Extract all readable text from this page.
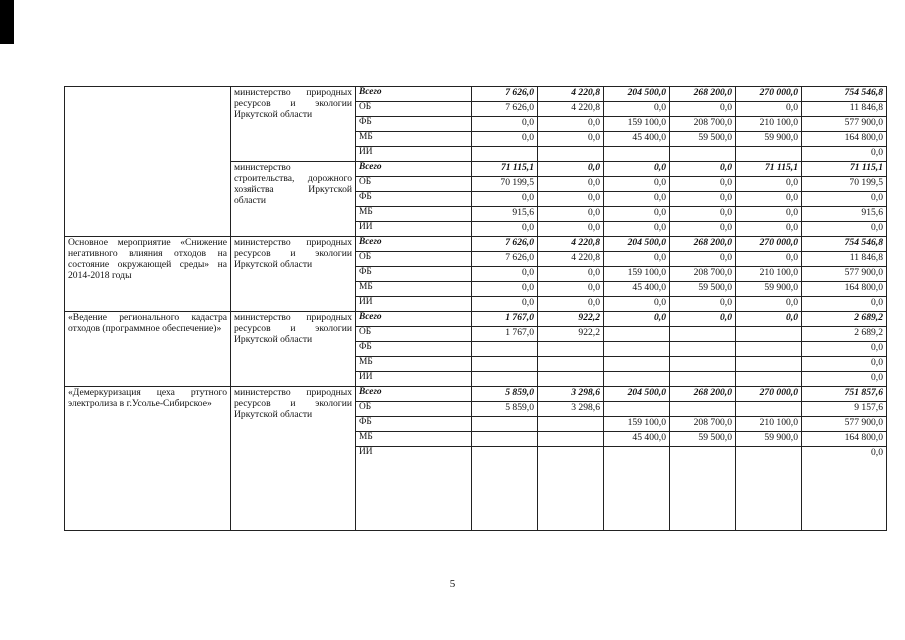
	министерство природных ресурсов и экологии Иркутской области	Всего	7 626,0	4 220,8	204 500,0	268 200,0	270 000,0	754 546,8
		ОБ	7 626,0	4 220,8	0,0	0,0	0,0	11 846,8
		ФБ	0,0	0,0	159 100,0	208 700,0	210 100,0	577 900,0
		МБ	0,0	0,0	45 400,0	59 500,0	59 900,0	164 800,0
		ИИ						0,0
	министерство строительства, дорожного хозяйства Иркутской области	Всего	71 115,1	0,0	0,0	0,0	71 115,1	71 115,1
		ОБ	70 199,5	0,0	0,0	0,0	0,0	70 199,5
		ФБ	0,0	0,0	0,0	0,0	0,0	0,0
		МБ	915,6	0,0	0,0	0,0	0,0	915,6
		ИИ	0,0	0,0	0,0	0,0	0,0	0,0
Основное мероприятие «Снижение негативного влияния отходов на состояние окружающей среды» на 2014-2018 годы	министерство природных ресурсов и экологии Иркутской области	Всего	7 626,0	4 220,8	204 500,0	268 200,0	270 000,0	754 546,8
		ОБ	7 626,0	4 220,8	0,0	0,0	0,0	11 846,8
		ФБ	0,0	0,0	159 100,0	208 700,0	210 100,0	577 900,0
		МБ	0,0	0,0	45 400,0	59 500,0	59 900,0	164 800,0
		ИИ	0,0	0,0	0,0	0,0	0,0	0,0
«Ведение регионального кадастра отходов (программное обеспечение)»	министерство природных ресурсов и экологии Иркутской области	Всего	1 767,0	922,2	0,0	0,0	0,0	2 689,2
		ОБ	1 767,0	922,2				2 689,2
		ФБ						0,0
		МБ						0,0
		ИИ						0,0
«Демеркуризация цеха ртутного электролиза в г.Усолье-Сибирское»	министерство природных ресурсов и экологии Иркутской области	Всего	5 859,0	3 298,6	204 500,0	268 200,0	270 000,0	751 857,6
		ОБ	5 859,0	3 298,6				9 157,6
		ФБ			159 100,0	208 700,0	210 100,0	577 900,0
		МБ			45 400,0	59 500,0	59 900,0	164 800,0
		ИИ						0,0
5
